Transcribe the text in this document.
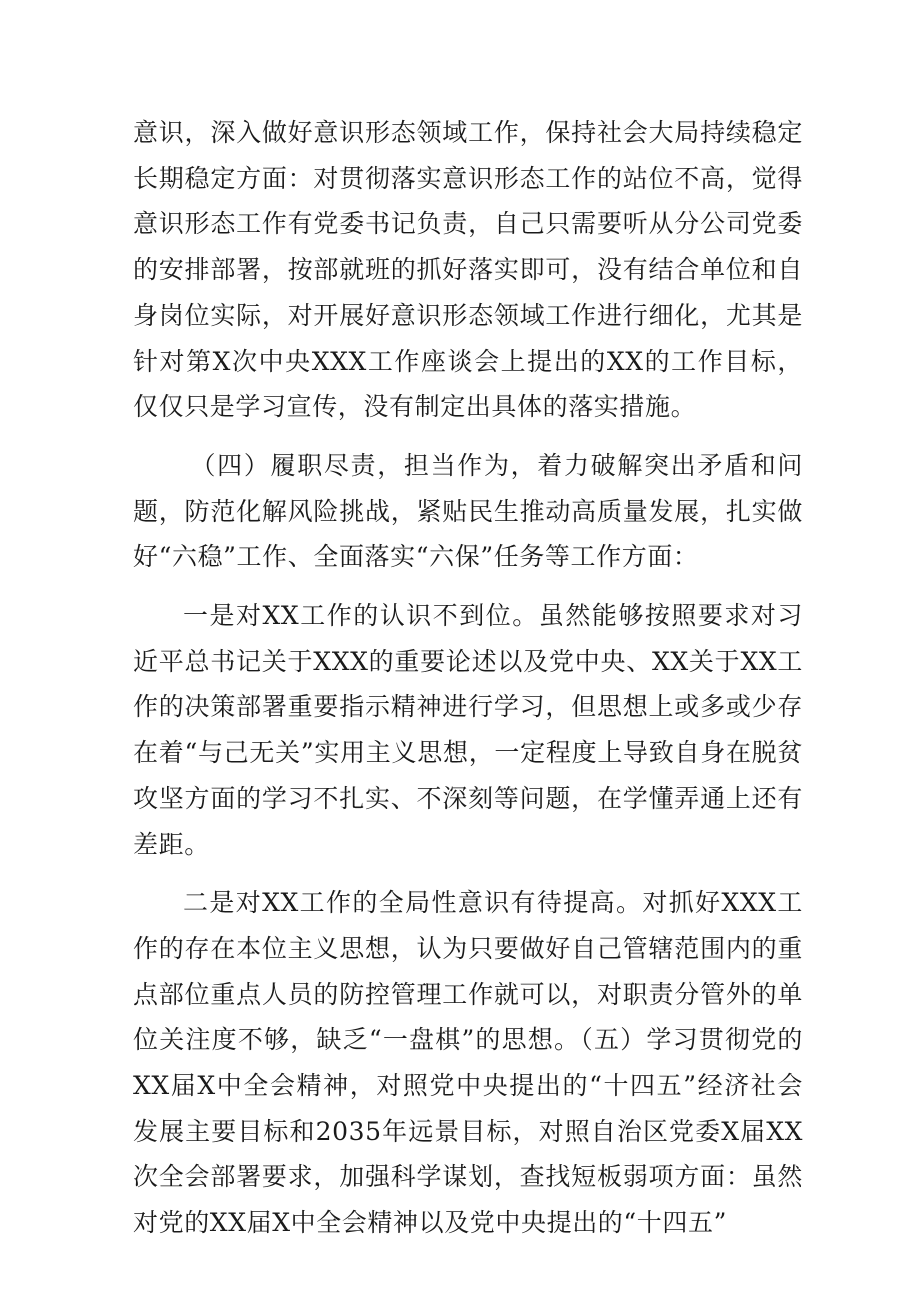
意识，深入做好意识形态领域工作，保持社会大局持续稳定长期稳定方面：对贯彻落实意识形态工作的站位不高，觉得意识形态工作有党委书记负责，自己只需要听从分公司党委的安排部署，按部就班的抓好落实即可，没有结合单位和自身岗位实际，对开展好意识形态领域工作进行细化，尤其是针对第X次中央XXX工作座谈会上提出的XX的工作目标，仅仅只是学习宣传，没有制定出具体的落实措施。

（四）履职尽责，担当作为，着力破解突出矛盾和问题，防范化解风险挑战，紧贴民生推动高质量发展，扎实做好“六稳”工作、全面落实“六保”任务等工作方面：

一是对XX工作的认识不到位。虽然能够按照要求对习近平总书记关于XXX的重要论述以及党中央、XX关于XX工作的决策部署重要指示精神进行学习，但思想上或多或少存在着“与己无关”实用主义思想，一定程度上导致自身在脱贫攻坚方面的学习不扎实、不深刻等问题，在学懂弄通上还有差距。

二是对XX工作的全局性意识有待提高。对抓好XXX工作的存在本位主义思想，认为只要做好自己管辖范围内的重点部位重点人员的防控管理工作就可以，对职责分管外的单位关注度不够，缺乏“一盘棋”的思想。（五）学习贯彻党的XX届X中全会精神，对照党中央提出的“十四五”经济社会发展主要目标和2035年远景目标，对照自治区党委X届XX次全会部署要求，加强科学谋划，查找短板弱项方面：虽然对党的XX届X中全会精神以及党中央提出的“十四五”
